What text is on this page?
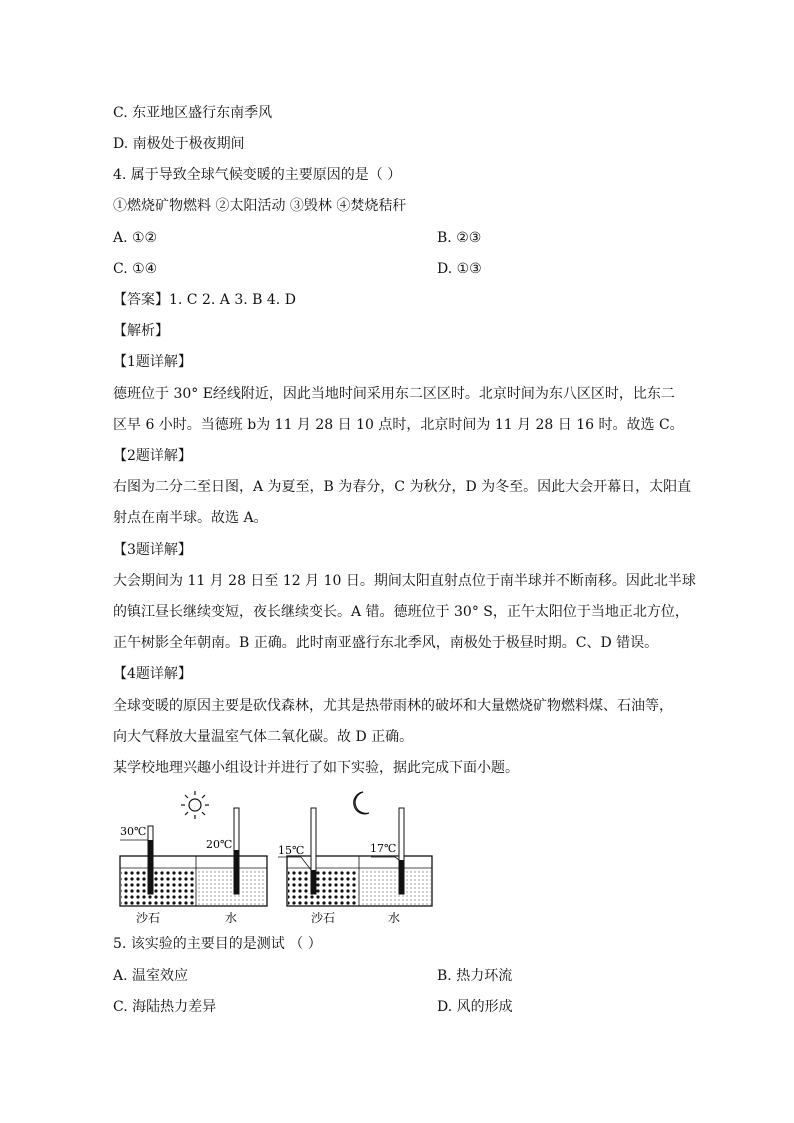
C. 东亚地区盛行东南季风

D. 南极处于极夜期间

4. 属于导致全球气候变暖的主要原因的是（ ）

①燃烧矿物燃料 ②太阳活动 ③毁林 ④焚烧秸秆

A. ①②	B. ②③

C. ①④	D. ①③

【答案】1. C 2. A 3. B 4. D

【解析】

【1题详解】

德班位于 30° E经线附近，因此当地时间采用东二区区时。北京时间为东八区区时，比东二

区早 6 小时。当德班 b为 11 月 28 日 10 点时，北京时间为 11 月 28 日 16 时。故选 C。

【2题详解】

右图为二分二至日图，A 为夏至，B 为春分，C 为秋分，D 为冬至。因此大会开幕日，太阳直

射点在南半球。故选 A。

【3题详解】

大会期间为 11 月 28 日至 12 月 10 日。期间太阳直射点位于南半球并不断南移。因此北半球

的镇江昼长继续变短，夜长继续变长。A 错。德班位于 30° S，正午太阳位于当地正北方位，

正午树影全年朝南。B 正确。此时南亚盛行东北季风，南极处于极昼时期。C、D 错误。

【4题详解】

全球变暖的原因主要是砍伐森林，尤其是热带雨林的破坏和大量燃烧矿物燃料煤、石油等，

向大气释放大量温室气体二氧化碳。故 D 正确。

某学校地理兴趣小组设计并进行了如下实验，据此完成下面小题。

30℃
20℃	15℃	17℃
沙石	水	沙石	水

5. 该实验的主要目的是测试 （ ）

A. 温室效应	B. 热力环流

C. 海陆热力差异	D. 风的形成
